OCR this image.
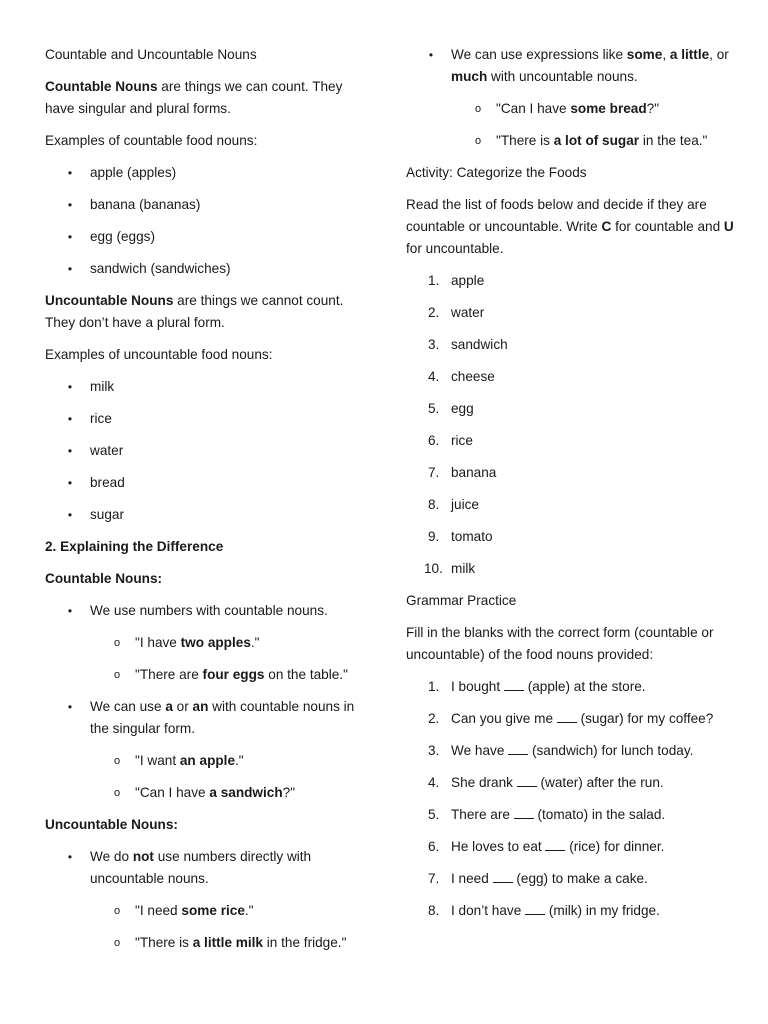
Countable and Uncountable Nouns

Countable Nouns are things we can count. They have singular and plural forms.

Examples of countable food nouns:

• apple (apples)
• banana (bananas)
• egg (eggs)
• sandwich (sandwiches)

Uncountable Nouns are things we cannot count. They don’t have a plural form.

Examples of uncountable food nouns:

• milk
• rice
• water
• bread
• sugar

2. Explaining the Difference

Countable Nouns:

• We use numbers with countable nouns.
o "I have two apples."
o "There are four eggs on the table."
• We can use a or an with countable nouns in the singular form.
o "I want an apple."
o "Can I have a sandwich?"

Uncountable Nouns:

• We do not use numbers directly with uncountable nouns.
o "I need some rice."
o "There is a little milk in the fridge."
• We can use expressions like some, a little, or much with uncountable nouns.
o "Can I have some bread?"
o "There is a lot of sugar in the tea."

Activity: Categorize the Foods

Read the list of foods below and decide if they are countable or uncountable. Write C for countable and U for uncountable.

1. apple
2. water
3. sandwich
4. cheese
5. egg
6. rice
7. banana
8. juice
9. tomato
10. milk

Grammar Practice

Fill in the blanks with the correct form (countable or uncountable) of the food nouns provided:

1. I bought  (apple) at the store.
2. Can you give me  (sugar) for my coffee?
3. We have  (sandwich) for lunch today.
4. She drank  (water) after the run.
5. There are  (tomato) in the salad.
6. He loves to eat  (rice) for dinner.
7. I need  (egg) to make a cake.
8. I don’t have  (milk) in my fridge.
